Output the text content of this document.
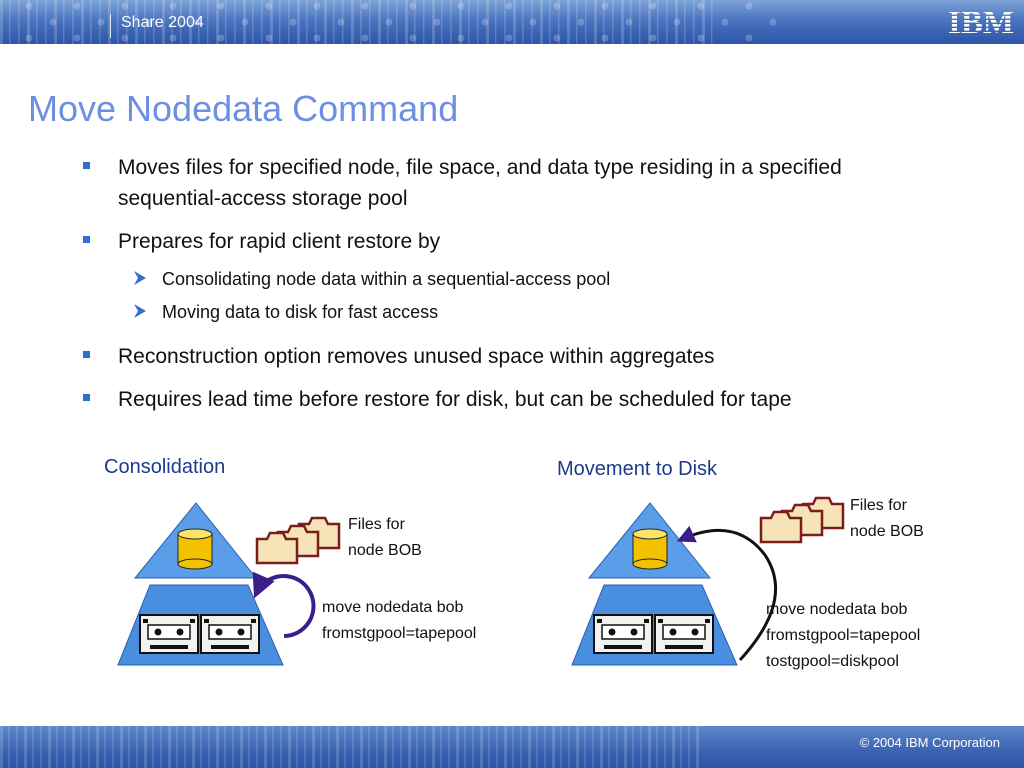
Share 2004	IBM
Move Nodedata Command
Moves files for specified node, file space, and data type residing in a specified sequential-access storage pool
Prepares for rapid client restore by
Consolidating node data within a sequential-access pool
Moving data to disk for fast access
Reconstruction option removes unused space within aggregates
Requires lead time before restore for disk, but can be scheduled for tape
Consolidation	Movement to Disk
Files for
node BOB
move nodedata bob
fromstgpool=tapepool
Files for
node BOB
move nodedata bob
fromstgpool=tapepool
tostgpool=diskpool
© 2004 IBM Corporation
